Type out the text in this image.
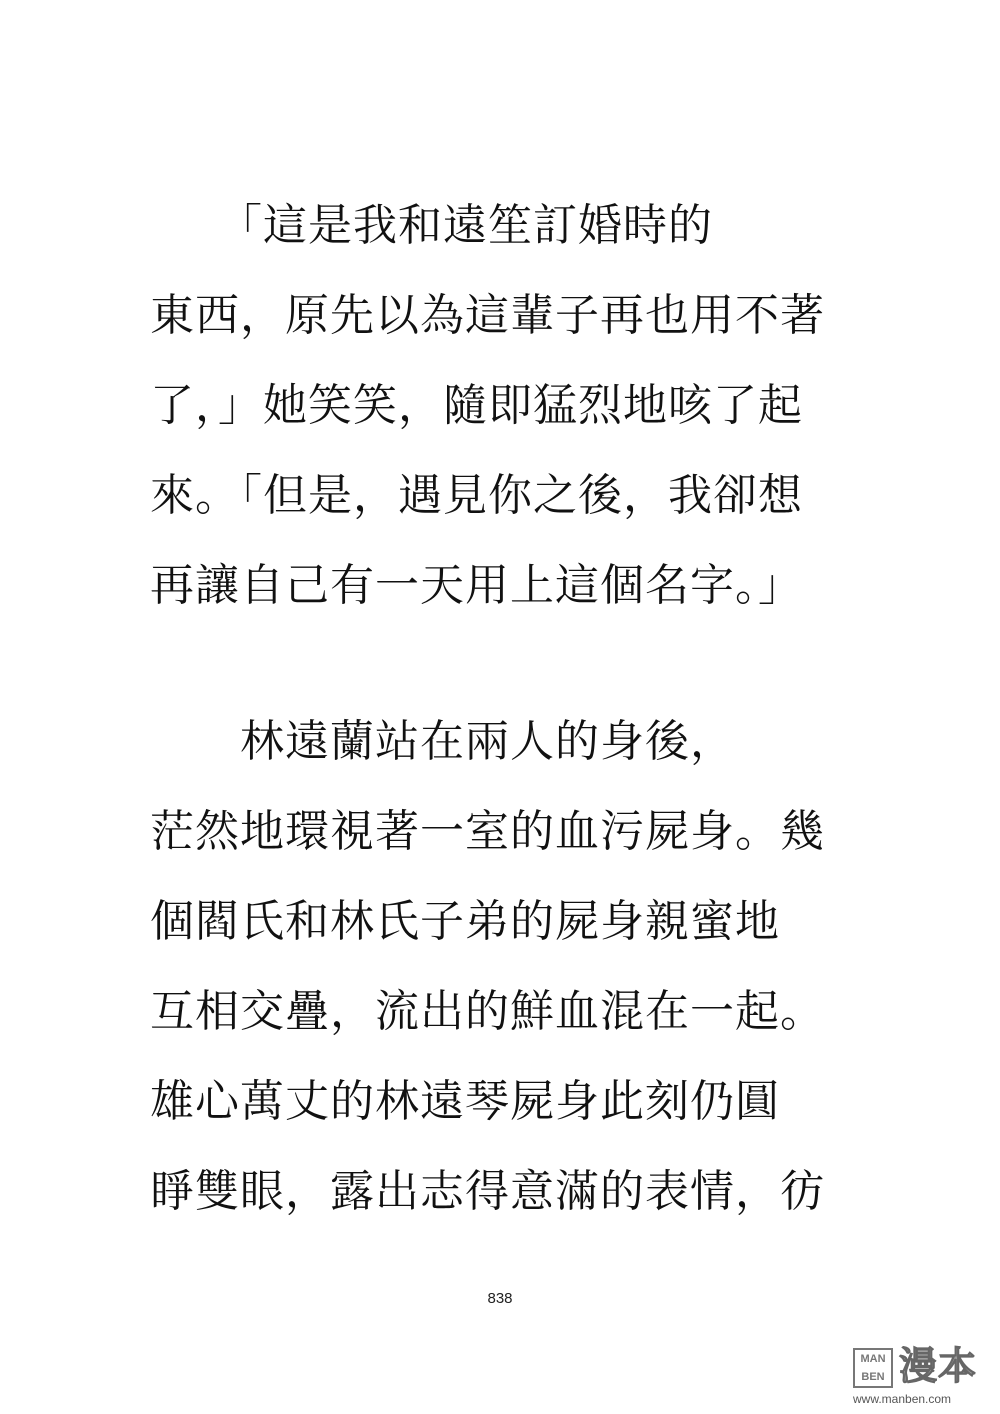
　　「這是我和遠笙訂婚時的
東西，原先以為這輩子再也用不著
了，」她笑笑，隨即猛烈地咳了起
來。「但是，遇見你之後，我卻想
再讓自己有一天用上這個名字。」
　　林遠蘭站在兩人的身後，
茫然地環視著一室的血污屍身。幾
個閻氏和林氏子弟的屍身親蜜地
互相交疊，流出的鮮血混在一起。
雄心萬丈的林遠琴屍身此刻仍圓
睜雙眼，露出志得意滿的表情，彷
838
MAN
BEN 漫本
www.manben.com
